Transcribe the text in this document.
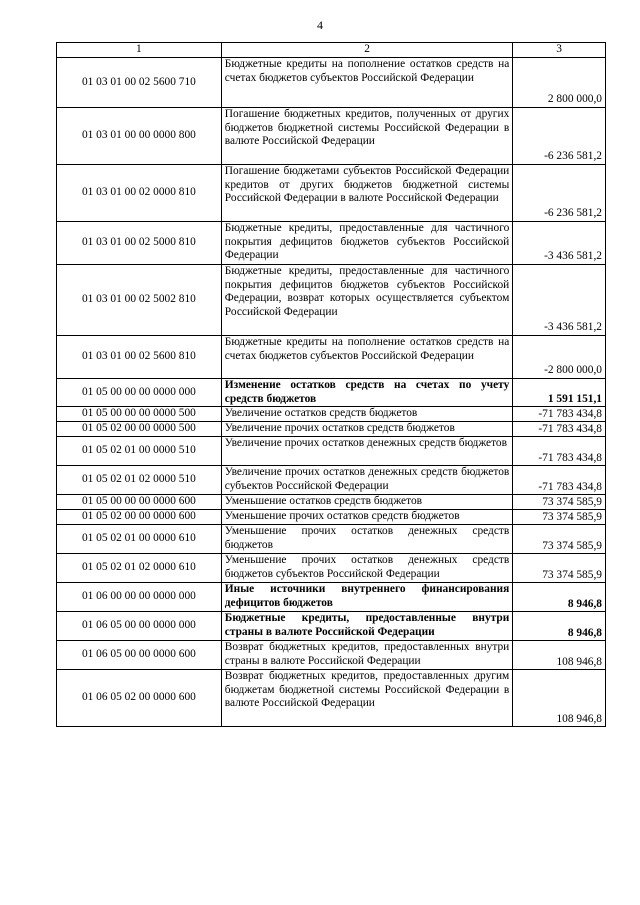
4
1	2	3
01 03 01 00 02 5600 710	Бюджетные кредиты на пополнение остатков средств на счетах бюджетов субъектов Российской Федерации	2 800 000,0
01 03 01 00 00 0000 800	Погашение бюджетных кредитов, полученных от других бюджетов бюджетной системы Российской Федерации в валюте Российской Федерации	-6 236 581,2
01 03 01 00 02 0000 810	Погашение бюджетами субъектов Российской Федерации кредитов от других бюджетов бюджетной системы Российской Федерации в валюте Российской Федерации	-6 236 581,2
01 03 01 00 02 5000 810	Бюджетные кредиты, предоставленные для частичного покрытия дефицитов бюджетов субъектов Российской Федерации	-3 436 581,2
01 03 01 00 02 5002 810	Бюджетные кредиты, предоставленные для частичного покрытия дефицитов бюджетов субъектов Российской Федерации, возврат которых осуществляется субъектом Российской Федерации	-3 436 581,2
01 03 01 00 02 5600 810	Бюджетные кредиты на пополнение остатков средств на счетах бюджетов субъектов Российской Федерации	-2 800 000,0
01 05 00 00 00 0000 000	Изменение остатков средств на счетах по учету средств бюджетов	1 591 151,1
01 05 00 00 00 0000 500	Увеличение остатков средств бюджетов	-71 783 434,8
01 05 02 00 00 0000 500	Увеличение прочих остатков средств бюджетов	-71 783 434,8
01 05 02 01 00 0000 510	Увеличение прочих остатков денежных средств бюджетов	-71 783 434,8
01 05 02 01 02 0000 510	Увеличение прочих остатков денежных средств бюджетов субъектов Российской Федерации	-71 783 434,8
01 05 00 00 00 0000 600	Уменьшение остатков средств бюджетов	73 374 585,9
01 05 02 00 00 0000 600	Уменьшение прочих остатков средств бюджетов	73 374 585,9
01 05 02 01 00 0000 610	Уменьшение прочих остатков денежных средств бюджетов	73 374 585,9
01 05 02 01 02 0000 610	Уменьшение прочих остатков денежных средств бюджетов субъектов Российской Федерации	73 374 585,9
01 06 00 00 00 0000 000	Иные источники внутреннего финансирования дефицитов бюджетов	8 946,8
01 06 05 00 00 0000 000	Бюджетные кредиты, предоставленные внутри страны в валюте Российской Федерации	8 946,8
01 06 05 00 00 0000 600	Возврат бюджетных кредитов, предоставленных внутри страны в валюте Российской Федерации	108 946,8
01 06 05 02 00 0000 600	Возврат бюджетных кредитов, предоставленных другим бюджетам бюджетной системы Российской Федерации в валюте Российской Федерации	108 946,8
